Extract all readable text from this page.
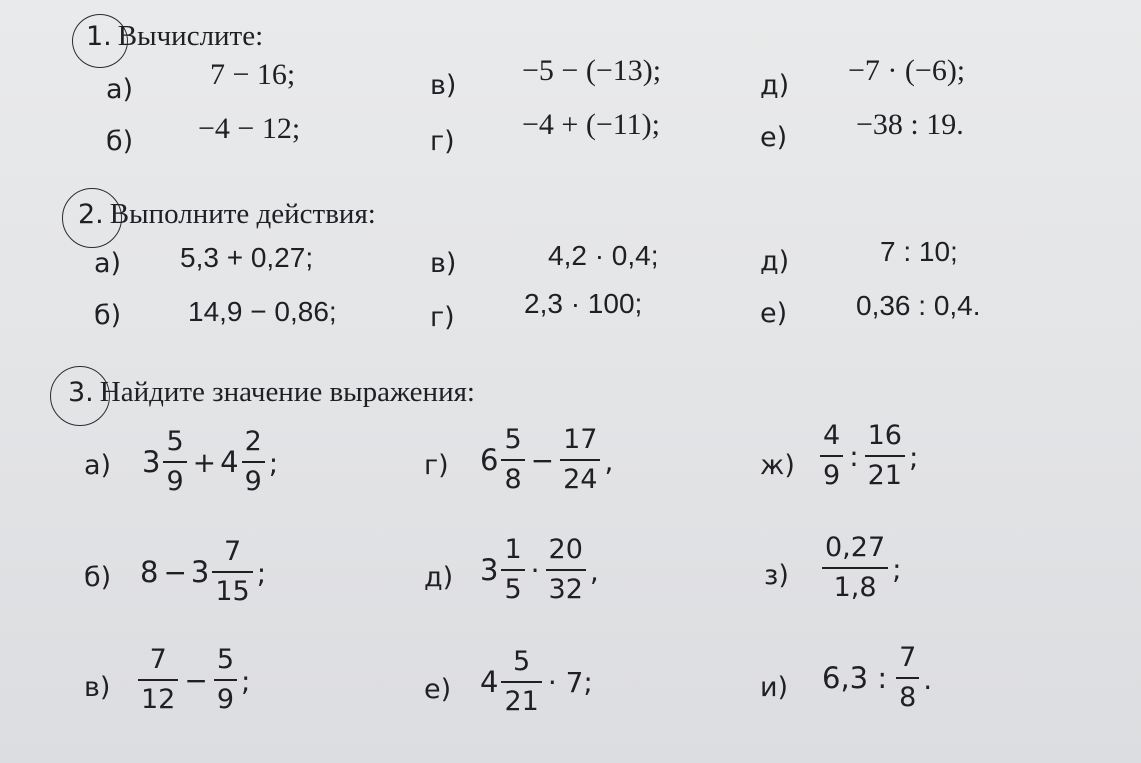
1. Вычислите:
а)	7 − 16;
б) −4 − 12;
в) −5 − (−13);
г)
−4 + (−11);
д) −7 · (−6);
е) −38 : 19.
2. Выполните действия:
а) 5,3 + 0,27;
б) 14,9 − 0,86;
в)	4,2 · 0,4;
г) 2,3 · 100;
д)	7 : 10;
е) 0,36 : 0,4.
3. Найдите значение выражения:
а) $3 \frac{5}{9} + 4 \frac{2}{9}$ ;
б) $8 - 3 \frac{7}{15}$ ;
$в) \frac{7}{12} - \frac{5}{9}$ ;
г) $6 \frac{5}{8} - \frac{17}{24}$ ,
д) $3 \frac{1}{5} \cdot \frac{20}{32}$ ,
е) $4 \frac{5}{21} \cdot 7$;
$ж) \frac{4}{9}$ : $\frac{16}{21}$ ;
$з) \frac{0,27}{1,8}$ ;
и) 6,3 : $\frac{7}{8}$ .
